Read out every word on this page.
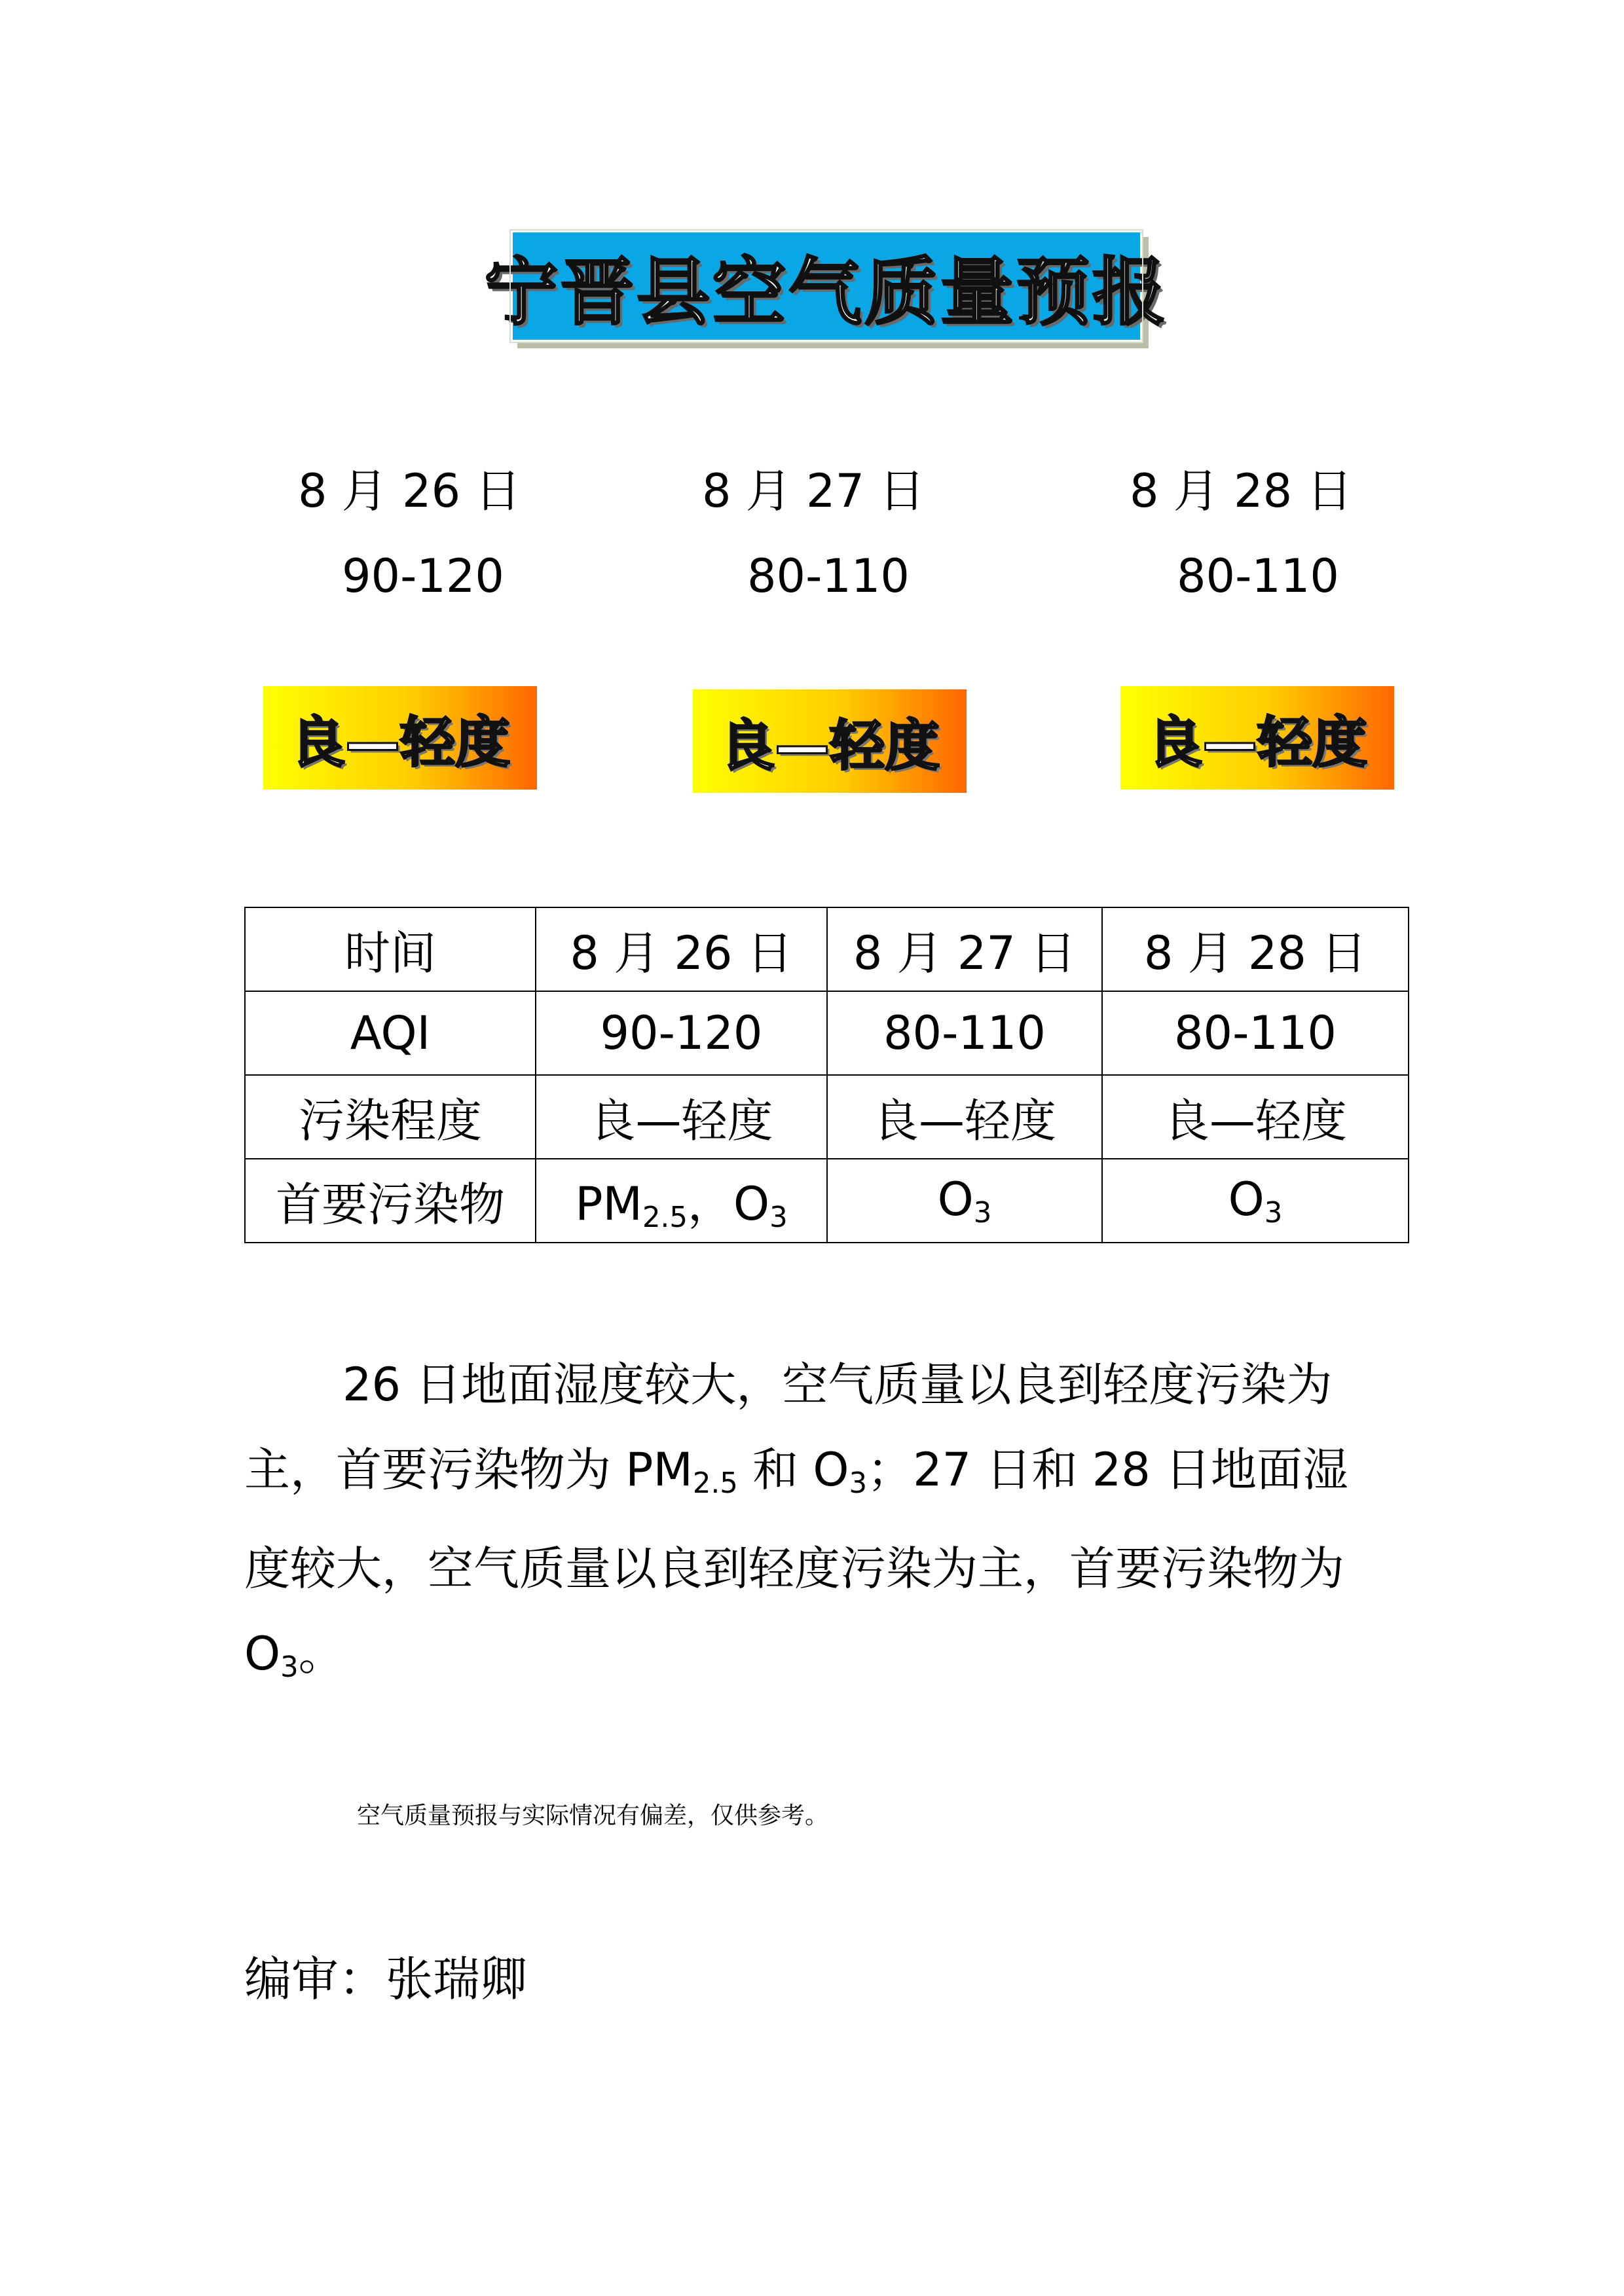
宁晋县空气质量预报
8 月 26 日
90-120
8 月 27 日
80-110
8 月 28 日
80-110
良—轻度	良—轻度	良—轻度
时间	8 月 26 日	8 月 27 日	8 月 28 日
AQI	90-120	80-110	80-110
污染程度	良—轻度	良—轻度	良—轻度
首要污染物	$PM_{2.5}$，$O_3$	$O_3$	$O_3$
26 日地面湿度较大，空气质量以良到轻度污染为主，首要污染物为 $PM_{2.5}$ 和 $O_3$；27 日和 28 日地面湿度较大，空气质量以良到轻度污染为主，首要污染物为 $O_3$。
空气质量预报与实际情况有偏差，仅供参考。
编审：张瑞卿
